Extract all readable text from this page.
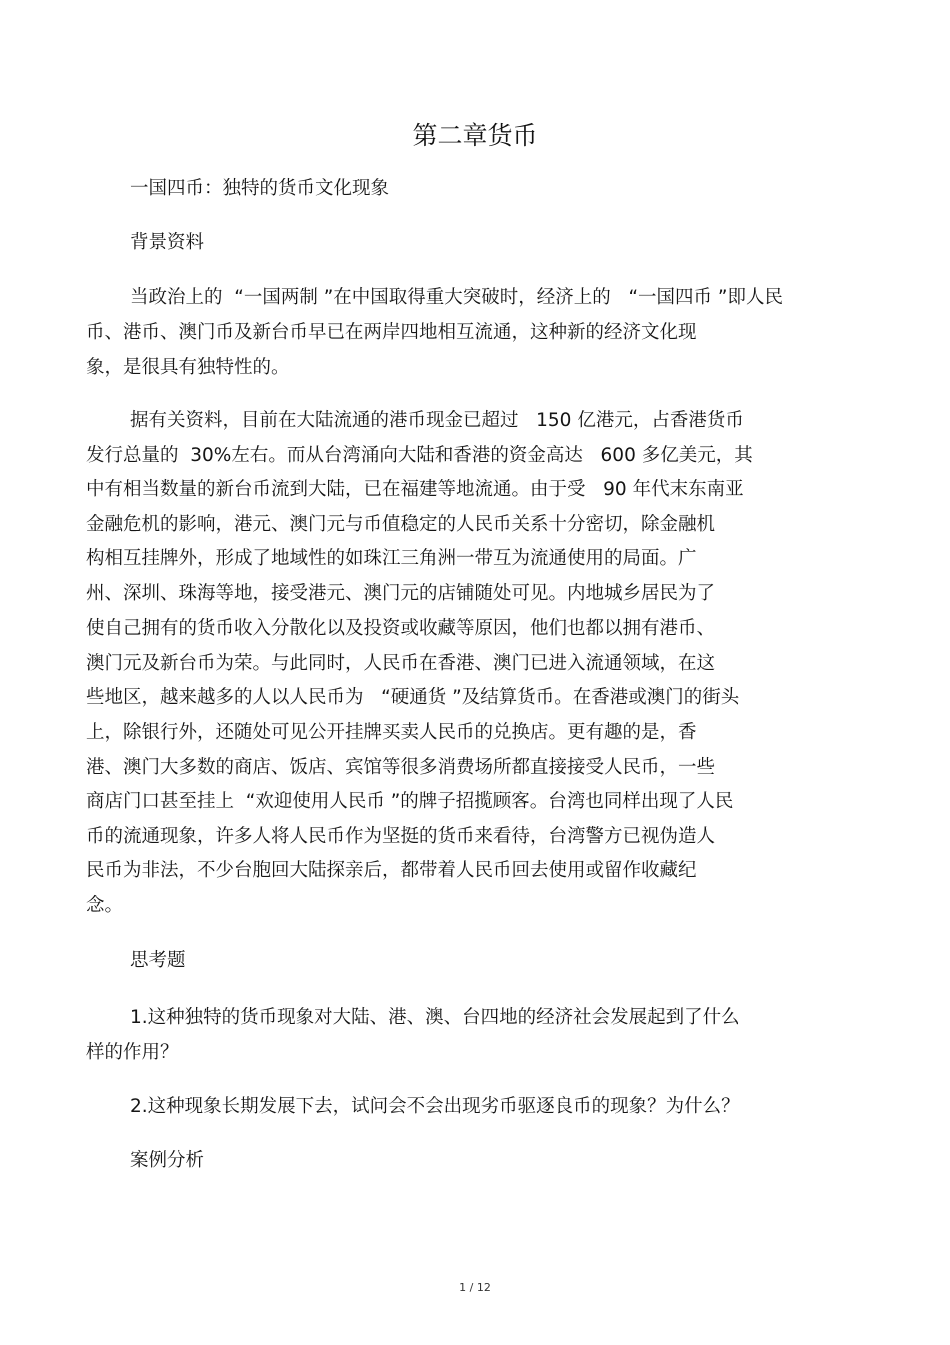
第二章货币
一国四币：独特的货币文化现象
背景资料
当政治上的  “一国两制 ”在中国取得重大突破时，经济上的   “一国四币 ”即人民
币、港币、澳门币及新台币早已在两岸四地相互流通，这种新的经济文化现
象，是很具有独特性的。
据有关资料，目前在大陆流通的港币现金已超过   150 亿港元，占香港货币
发行总量的  30%左右。而从台湾涌向大陆和香港的资金高达   600 多亿美元，其
中有相当数量的新台币流到大陆，已在福建等地流通。由于受   90 年代末东南亚
金融危机的影响，港元、澳门元与币值稳定的人民币关系十分密切，除金融机
构相互挂牌外，形成了地域性的如珠江三角洲一带互为流通使用的局面。广
州、深圳、珠海等地，接受港元、澳门元的店铺随处可见。内地城乡居民为了
使自己拥有的货币收入分散化以及投资或收藏等原因，他们也都以拥有港币、
澳门元及新台币为荣。与此同时，人民币在香港、澳门已进入流通领域，在这
些地区，越来越多的人以人民币为   “硬通货 ”及结算货币。在香港或澳门的街头
上，除银行外，还随处可见公开挂牌买卖人民币的兑换店。更有趣的是，香
港、澳门大多数的商店、饭店、宾馆等很多消费场所都直接接受人民币，一些
商店门口甚至挂上  “欢迎使用人民币 ”的牌子招揽顾客。台湾也同样出现了人民
币的流通现象，许多人将人民币作为坚挺的货币来看待，台湾警方已视伪造人
民币为非法，不少台胞回大陆探亲后，都带着人民币回去使用或留作收藏纪
念。
思考题
1.这种独特的货币现象对大陆、港、澳、台四地的经济社会发展起到了什么
样的作用？
2.这种现象长期发展下去，试问会不会出现劣币驱逐良币的现象？为什么？
案例分析
1 / 12
